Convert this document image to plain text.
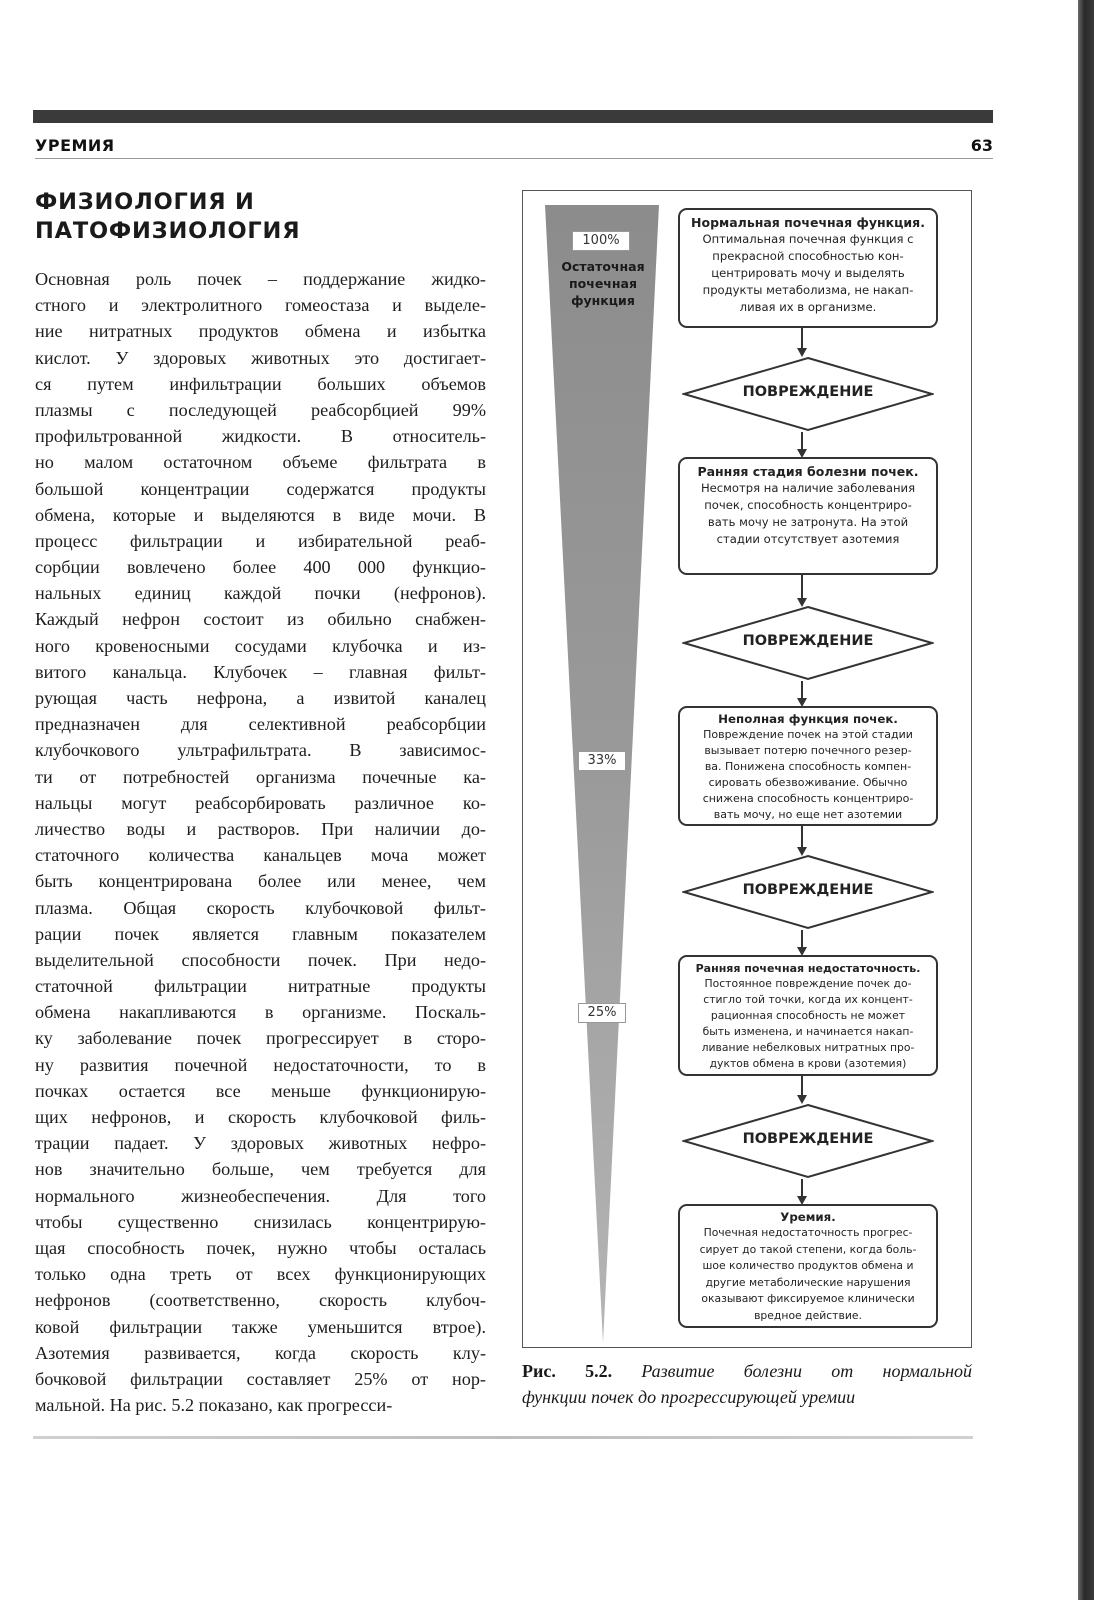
УРЕМИЯ	63
ФИЗИОЛОГИЯ И
ПАТОФИЗИОЛОГИЯ
Основная роль почек – поддержание жидко-
стного и электролитного гомеостаза и выделе-
ние нитратных продуктов обмена и избытка
кислот. У здоровых животных это достигает-
ся путем инфильтрации больших объемов
плазмы с последующей реабсорбцией 99%
профильтрованной жидкости. В относитель-
но малом остаточном объеме фильтрата в
большой концентрации содержатся продукты
обмена, которые и выделяются в виде мочи. В
процесс фильтрации и избирательной реаб-
сорбции вовлечено более 400 000 функцио-
нальных единиц каждой почки (нефронов).
Каждый нефрон состоит из обильно снабжен-
ного кровеносными сосудами клубочка и из-
витого канальца. Клубочек – главная фильт-
рующая часть нефрона, а извитой каналец
предназначен для селективной реабсорбции
клубочкового ультрафильтрата. В зависимос-
ти от потребностей организма почечные ка-
нальцы могут реабсорбировать различное ко-
личество воды и растворов. При наличии до-
статочного количества канальцев моча может
быть концентрирована более или менее, чем
плазма. Общая скорость клубочковой фильт-
рации почек является главным показателем
выделительной способности почек. При недо-
статочной фильтрации нитратные продукты
обмена накапливаются в организме. Поскаль-
ку заболевание почек прогрессирует в сторо-
ну развития почечной недостаточности, то в
почках остается все меньше функционирую-
щих нефронов, и скорость клубочковой филь-
трации падает. У здоровых животных нефро-
нов значительно больше, чем требуется для
нормального жизнеобеспечения. Для того
чтобы существенно снизилась концентрирую-
щая способность почек, нужно чтобы осталась
только одна треть от всех функционирующих
нефронов (соответственно, скорость клубоч-
ковой фильтрации также уменьшится втрое).
Азотемия развивается, когда скорость клу-
бочковой фильтрации составляет 25% от нор-
мальной. На рис. 5.2 показано, как прогресси-
100%
33%
25%
Остаточная
почечная
функция
Нормальная почечная функция.
Оптимальная почечная функция с
прекрасной способностью кон-
центрировать мочу и выделять
продукты метаболизма, не накап-
ливая их в организме.
ПОВРЕЖДЕНИЕ
Ранняя стадия болезни почек.
Несмотря на наличие заболевания
почек, способность концентриро-
вать мочу не затронута. На этой
стадии отсутствует азотемия
ПОВРЕЖДЕНИЕ
Неполная функция почек.
Повреждение почек на этой стадии
вызывает потерю почечного резер-
ва. Понижена способность компен-
сировать обезвоживание. Обычно
снижена способность концентриро-
вать мочу, но еще нет азотемии
ПОВРЕЖДЕНИЕ
Ранняя почечная недостаточность.
Постоянное повреждение почек до-
стигло той точки, когда их концент-
рационная способность не может
быть изменена, и начинается накап-
ливание небелковых нитратных про-
дуктов обмена в крови (азотемия)
ПОВРЕЖДЕНИЕ
Уремия.
Почечная недостаточность прогрес-
сирует до такой степени, когда боль-
шое количество продуктов обмена и
другие метаболические нарушения
оказывают фиксируемое клинически
вредное действие.
Рис. 5.2. Развитие болезни от нормальной
функции почек до прогрессирующей уремии
